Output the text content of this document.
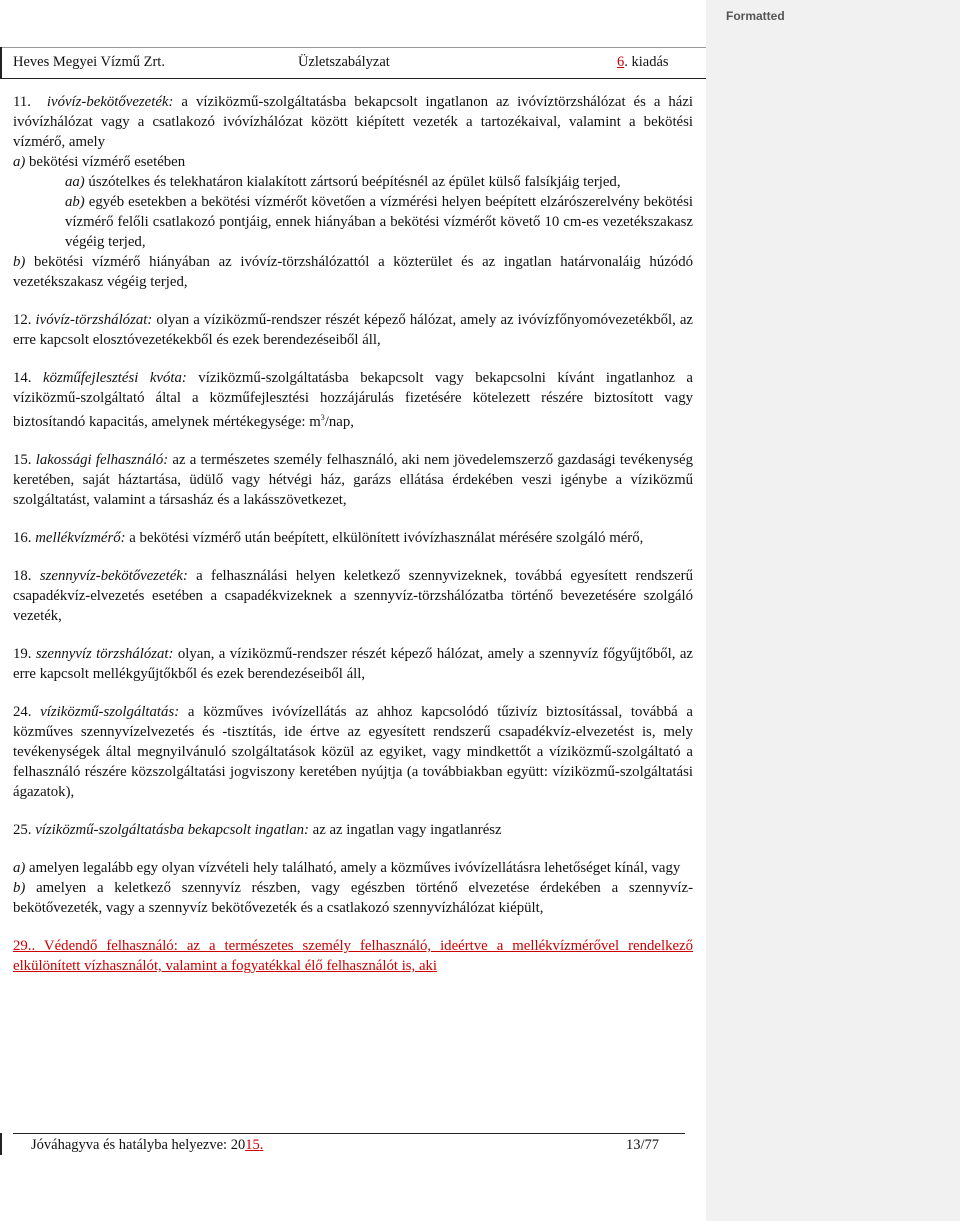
Formatted
Heves Megyei Vízmű Zrt.	Üzletszabályzat	6. kiadás

11. ivóvíz-bekötővezeték: a víziközmű-szolgáltatásba bekapcsolt ingatlanon az ivóvíztörzshálózat és a házi ivóvízhálózat vagy a csatlakozó ivóvízhálózat között kiépített vezeték a tartozékaival, valamint a bekötési vízmérő, amely

a) bekötési vízmérő esetében

aa) úszótelkes és telekhatáron kialakított zártsorú beépítésnél az épület külső falsíkjáig terjed,

ab) egyéb esetekben a bekötési vízmérőt követően a vízmérési helyen beépített elzárószerelvény bekötési vízmérő felőli csatlakozó pontjáig, ennek hiányában a bekötési vízmérőt követő 10 cm-es vezetékszakasz végéig terjed,

b) bekötési vízmérő hiányában az ivóvíz-törzshálózattól a közterület és az ingatlan határvonaláig húzódó vezetékszakasz végéig terjed,

12. ivóvíz-törzshálózat: olyan a víziközmű-rendszer részét képező hálózat, amely az ivóvízfőnyomóvezetékből, az erre kapcsolt elosztóvezetékekből és ezek berendezéseiből áll,

14. közműfejlesztési kvóta: víziközmű-szolgáltatásba bekapcsolt vagy bekapcsolni kívánt ingatlanhoz a víziközmű-szolgáltató által a közműfejlesztési hozzájárulás fizetésére kötelezett részére biztosított vagy biztosítandó kapacitás, amelynek mértékegysége: $m^3$/nap,

15. lakossági felhasználó: az a természetes személy felhasználó, aki nem jövedelemszerző gazdasági tevékenység keretében, saját háztartása, üdülő vagy hétvégi ház, garázs ellátása érdekében veszi igénybe a víziközmű szolgáltatást, valamint a társasház és a lakásszövetkezet,

16. mellékvízmérő: a bekötési vízmérő után beépített, elkülönített ivóvízhasználat mérésére szolgáló mérő,

18. szennyvíz-bekötővezeték: a felhasználási helyen keletkező szennyvizeknek, továbbá egyesített rendszerű csapadékvíz-elvezetés esetében a csapadékvizeknek a szennyvíz-törzshálózatba történő bevezetésére szolgáló vezeték,

19. szennyvíz törzshálózat: olyan, a víziközmű-rendszer részét képező hálózat, amely a szennyvíz főgyűjtőből, az erre kapcsolt mellékgyűjtőkből és ezek berendezéseiből áll,

24. víziközmű-szolgáltatás: a közműves ivóvízellátás az ahhoz kapcsolódó tűzivíz biztosítással, továbbá a közműves szennyvízelvezetés és -tisztítás, ide értve az egyesített rendszerű csapadékvíz-elvezetést is, mely tevékenységek által megnyilvánuló szolgáltatások közül az egyiket, vagy mindkettőt a víziközmű-szolgáltató a felhasználó részére közszolgáltatási jogviszony keretében nyújtja (a továbbiakban együtt: víziközmű-szolgáltatási ágazatok),

25. víziközmű-szolgáltatásba bekapcsolt ingatlan: az az ingatlan vagy ingatlanrész

a) amelyen legalább egy olyan vízvételi hely található, amely a közműves ivóvízellátásra lehetőséget kínál, vagy

b) amelyen a keletkező szennyvíz részben, vagy egészben történő elvezetése érdekében a szennyvíz-bekötővezeték, vagy a szennyvíz bekötővezeték és a csatlakozó szennyvízhálózat kiépült,

29.. Védendő felhasználó: az a természetes személy felhasználó, ideértve a mellékvízmérővel rendelkező elkülönített vízhasználót, valamint a fogyatékkal élő felhasználót is, aki

Jóváhagyva és hatályba helyezve: 2015.	13/77
